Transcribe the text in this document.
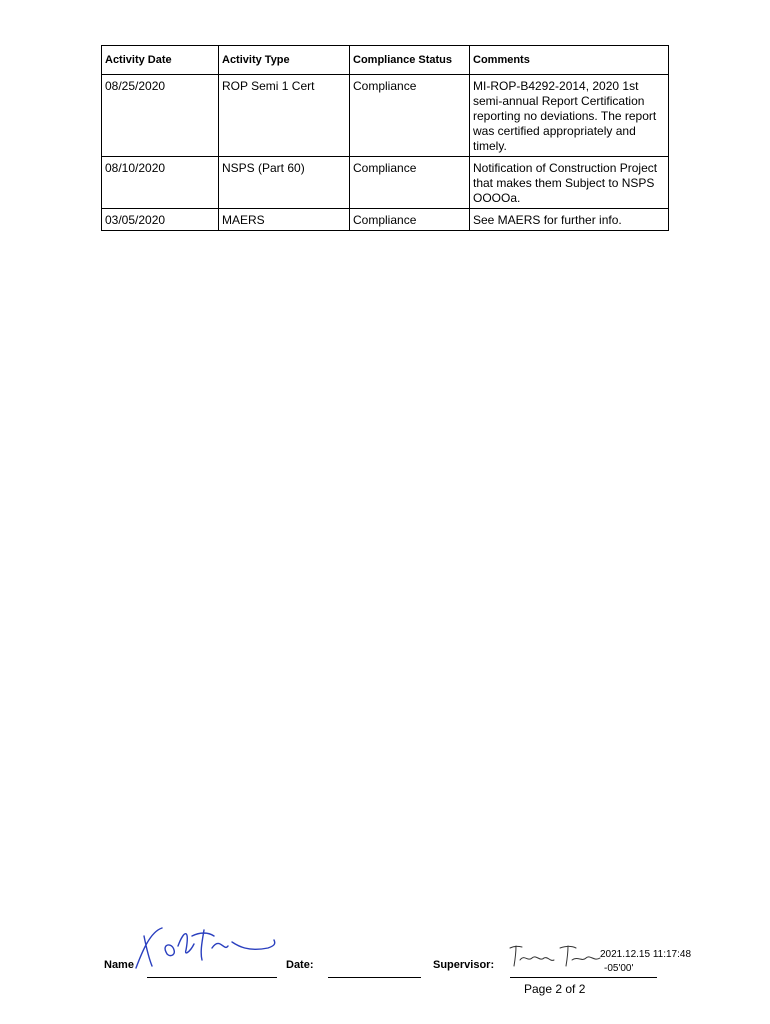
Activity Date	Activity Type	Compliance Status	Comments
08/25/2020	ROP Semi 1 Cert	Compliance	MI-ROP-B4292-2014, 2020 1st semi-annual Report Certification reporting no deviations. The report was certified appropriately and timely.
08/10/2020	NSPS (Part 60)	Compliance	Notification of Construction Project that makes them Subject to NSPS OOOOa.
03/05/2020	MAERS	Compliance	See MAERS for further info.
Name	Date:	Supervisor:
2021.12.15 11:17:48
-05'00'
Page 2 of 2
